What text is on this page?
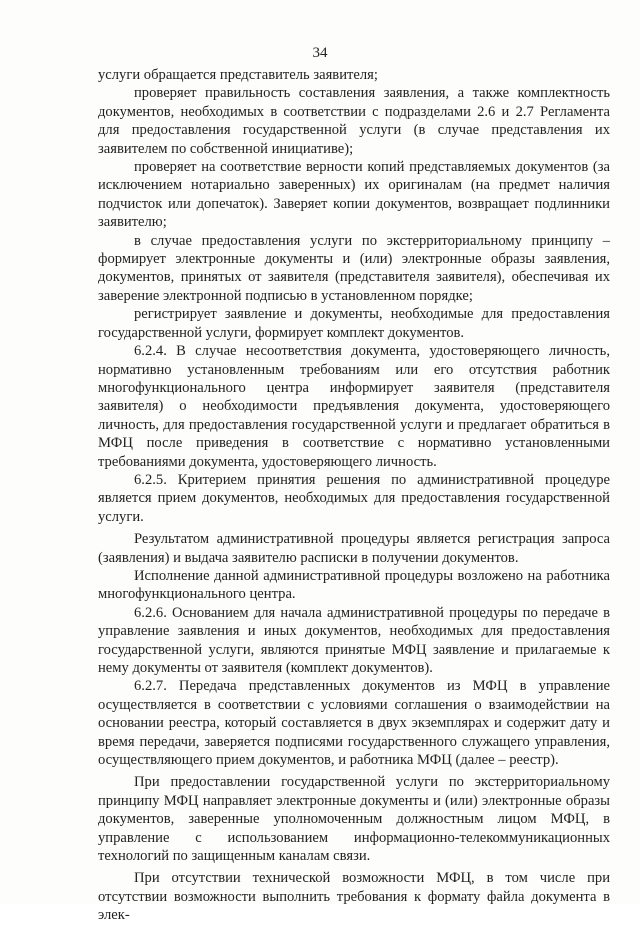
34

услуги обращается представитель заявителя;

проверяет правильность составления заявления, а также комплектность документов, необходимых в соответствии с подразделами 2.6 и 2.7 Регламента для предоставления государственной услуги (в случае представления их заявителем по собственной инициативе);

проверяет на соответствие верности копий представляемых документов (за исключением нотариально заверенных) их оригиналам (на предмет наличия подчисток или допечаток). Заверяет копии документов, возвращает подлинники заявителю;

в случае предоставления услуги по экстерриториальному принципу – формирует электронные документы и (или) электронные образы заявления, документов, принятых от заявителя (представителя заявителя), обеспечивая их заверение электронной подписью в установленном порядке;

регистрирует заявление и документы, необходимые для предоставления государственной услуги, формирует комплект документов.

6.2.4. В случае несоответствия документа, удостоверяющего личность, нормативно установленным требованиям или его отсутствия работник многофункционального центра информирует заявителя (представителя заявителя) о необходимости предъявления документа, удостоверяющего личность, для предоставления государственной услуги и предлагает обратиться в МФЦ после приведения в соответствие с нормативно установленными требованиями документа, удостоверяющего личность.

6.2.5. Критерием принятия решения по административной процедуре является прием документов, необходимых для предоставления государственной услуги.

Результатом административной процедуры является регистрация запроса (заявления) и выдача заявителю расписки в получении документов.

Исполнение данной административной процедуры возложено на работника многофункционального центра.

6.2.6. Основанием для начала административной процедуры по передаче в управление заявления и иных документов, необходимых для предоставления государственной услуги, являются принятые МФЦ заявление и прилагаемые к нему документы от заявителя (комплект документов).

6.2.7. Передача представленных документов из МФЦ в управление осуществляется в соответствии с условиями соглашения о взаимодействии на основании реестра, который составляется в двух экземплярах и содержит дату и время передачи, заверяется подписями государственного служащего управления, осуществляющего прием документов, и работника МФЦ (далее – реестр).

При предоставлении государственной услуги по экстерриториальному принципу МФЦ направляет электронные документы и (или) электронные образы документов, заверенные уполномоченным должностным лицом МФЦ, в управление с использованием информационно-телекоммуникационных технологий по защищенным каналам связи.

При отсутствии технической возможности МФЦ, в том числе при отсутствии возможности выполнить требования к формату файла документа в элек-
